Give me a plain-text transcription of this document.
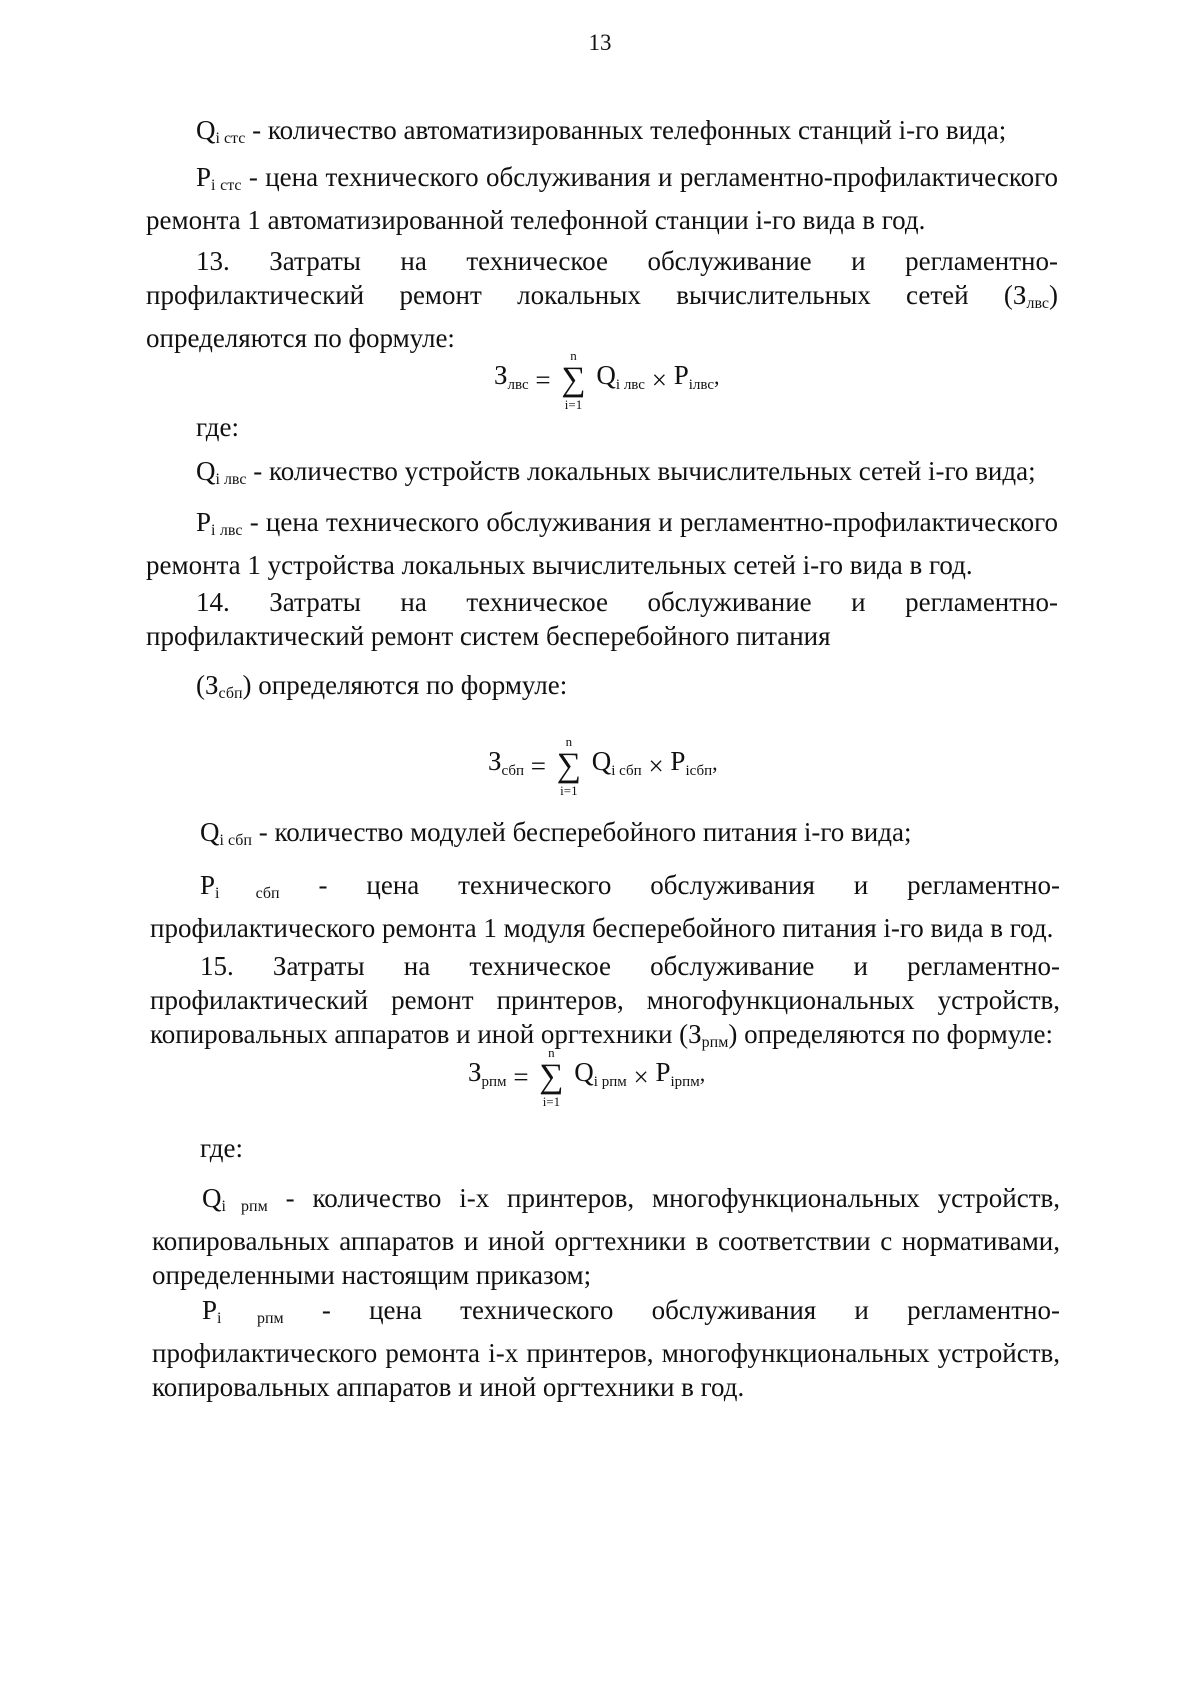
13

$Q_{i стс}$ - количество автоматизированных телефонных станций i-го вида;

$P_{i стс}$ - цена технического обслуживания и регламентно-профилактического ремонта 1 автоматизированной телефонной станции i-го вида в год.

13. Затраты на техническое обслуживание и регламентно-профилактический ремонт локальных вычислительных сетей $(З_{лвс})$ определяются по формуле:

Злвс =
n
∑
i=1
Qi лвс × Piлвс,

где:

$Q_{i лвс}$ - количество устройств локальных вычислительных сетей i-го вида;

$P_{i лвс}$ - цена технического обслуживания и регламентно-профилактического ремонта 1 устройства локальных вычислительных сетей i-го вида в год.

14. Затраты на техническое обслуживание и регламентно-профилактический ремонт систем бесперебойного питания

$(З_{сбп})$ определяются по формуле:

Зсбп =
n
∑
i=1
Qi сбп × Piсбп,

$Q_{i сбп}$ - количество модулей бесперебойного питания i-го вида;

$P_{i сбп}$ - цена технического обслуживания и регламентно-профилактического ремонта 1 модуля бесперебойного питания i-го вида в год.

15. Затраты на техническое обслуживание и регламентно-профилактический ремонт принтеров, многофункциональных устройств, копировальных аппаратов и иной оргтехники $(З_{рпм})$ определяются по формуле:

Зрпм =
n
∑
i=1
Qi рпм × Piрпм,

где:

$Q_{i рпм}$ - количество i-х принтеров, многофункциональных устройств, копировальных аппаратов и иной оргтехники в соответствии с нормативами, определенными настоящим приказом;

$P_{i рпм}$ - цена технического обслуживания и регламентно-профилактического ремонта i-х принтеров, многофункциональных устройств, копировальных аппаратов и иной оргтехники в год.
